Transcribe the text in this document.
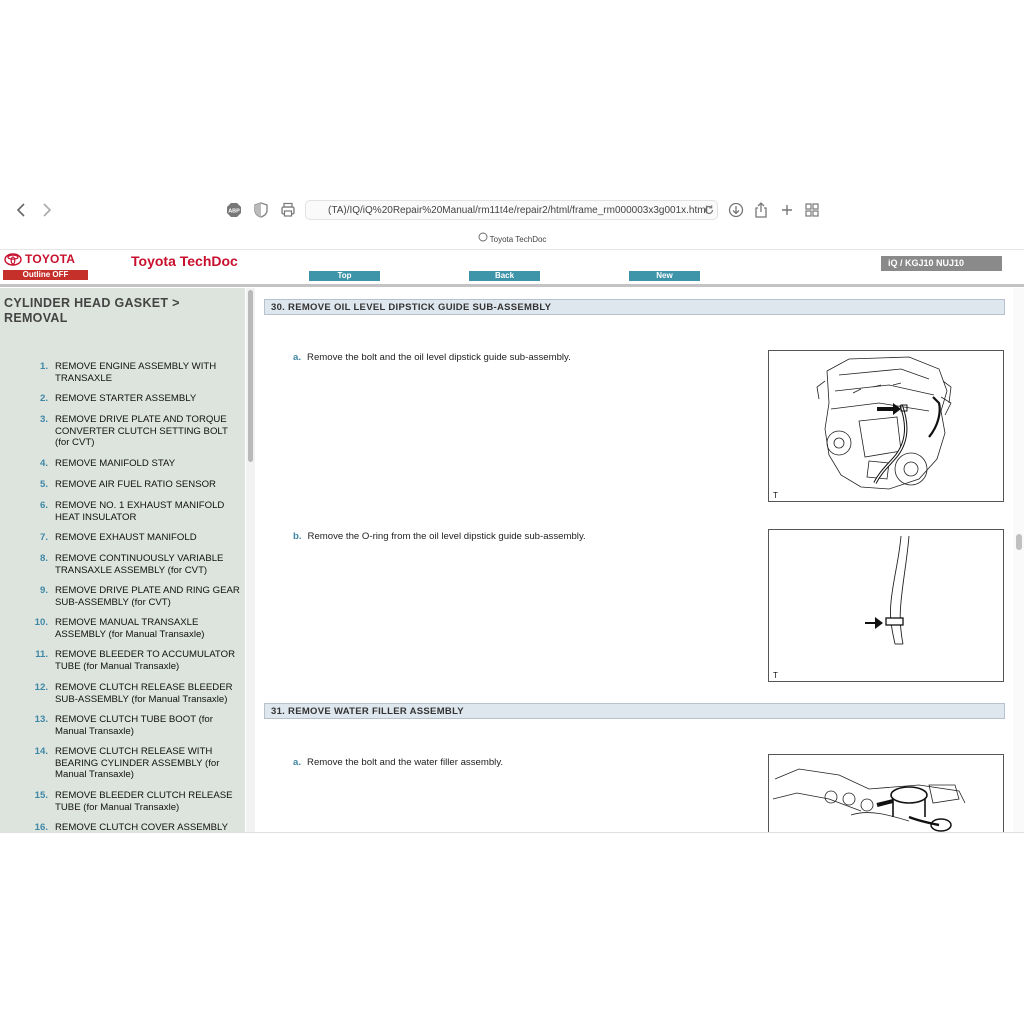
ABP	(TA)/IQ/iQ%20Repair%20Manual/rm11t4e/repair2/html/frame_rm000003x3g001x.html
Toyota TechDoc
TOYOTA
Outline OFF
Toyota TechDoc
Top	Back	New
iQ / KGJ10 NUJ10
CYLINDER HEAD GASKET > REMOVAL
1. REMOVE ENGINE ASSEMBLY WITH TRANSAXLE
2. REMOVE STARTER ASSEMBLY
3. REMOVE DRIVE PLATE AND TORQUE CONVERTER CLUTCH SETTING BOLT (for CVT)
4. REMOVE MANIFOLD STAY
5. REMOVE AIR FUEL RATIO SENSOR
6. REMOVE NO. 1 EXHAUST MANIFOLD HEAT INSULATOR
7. REMOVE EXHAUST MANIFOLD
8. REMOVE CONTINUOUSLY VARIABLE TRANSAXLE ASSEMBLY (for CVT)
9. REMOVE DRIVE PLATE AND RING GEAR SUB-ASSEMBLY (for CVT)
10. REMOVE MANUAL TRANSAXLE ASSEMBLY (for Manual Transaxle)
11. REMOVE BLEEDER TO ACCUMULATOR TUBE (for Manual Transaxle)
12. REMOVE CLUTCH RELEASE BLEEDER SUB-ASSEMBLY (for Manual Transaxle)
13. REMOVE CLUTCH TUBE BOOT (for Manual Transaxle)
14. REMOVE CLUTCH RELEASE WITH BEARING CYLINDER ASSEMBLY (for Manual Transaxle)
15. REMOVE BLEEDER CLUTCH RELEASE TUBE (for Manual Transaxle)
16. REMOVE CLUTCH COVER ASSEMBLY
30. REMOVE OIL LEVEL DIPSTICK GUIDE SUB-ASSEMBLY
a. Remove the bolt and the oil level dipstick guide sub-assembly.
T
b. Remove the O-ring from the oil level dipstick guide sub-assembly.
T
31. REMOVE WATER FILLER ASSEMBLY
a. Remove the bolt and the water filler assembly.
